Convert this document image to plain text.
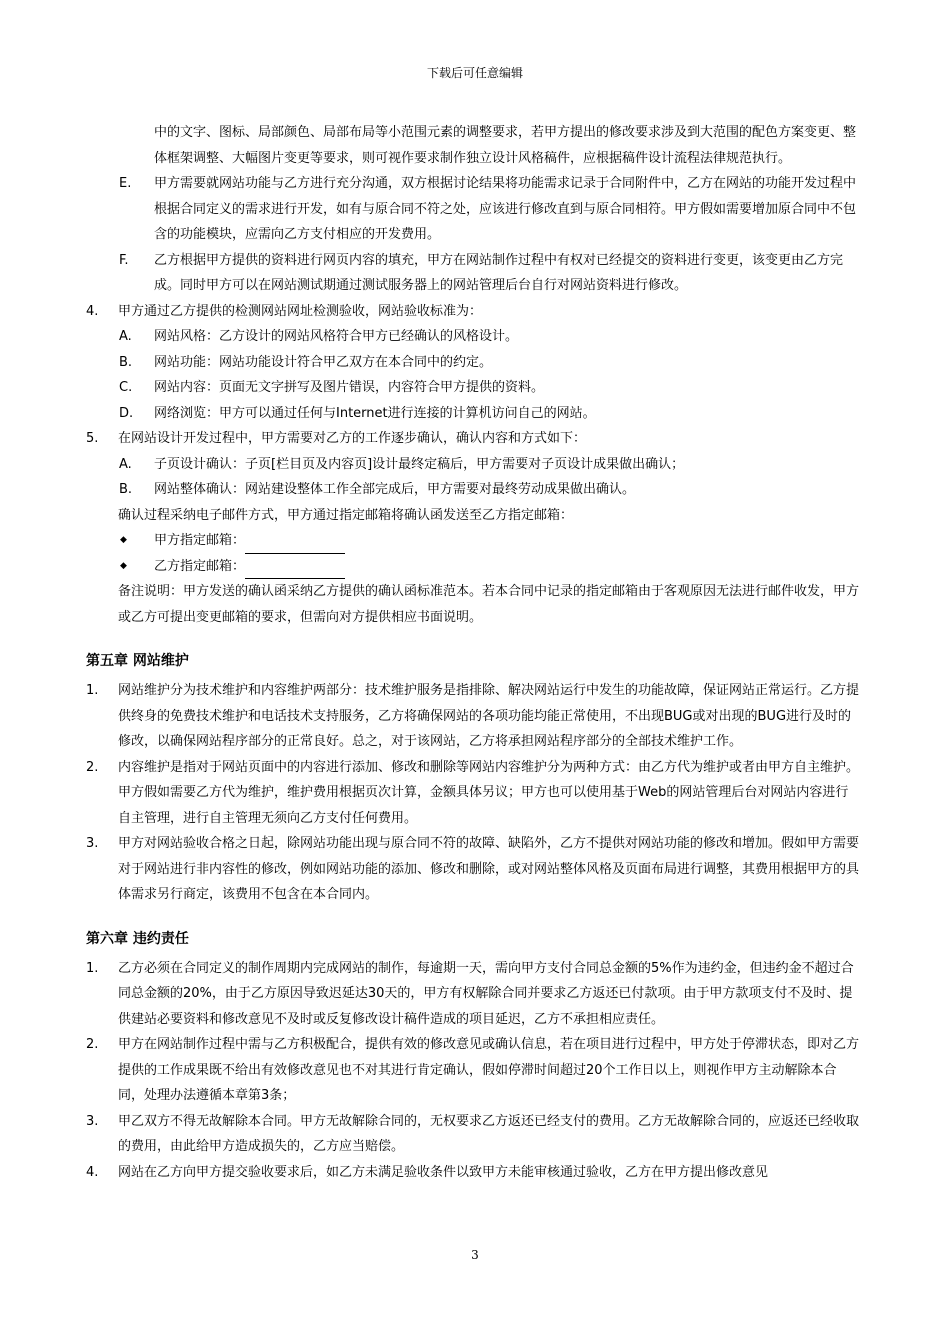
下载后可任意编辑
中的文字、图标、局部颜色、局部布局等小范围元素的调整要求，若甲方提出的修改要求涉及到大范围的配色方案变更、整体框架调整、大幅图片变更等要求，则可视作要求制作独立设计风格稿件，应根据稿件设计流程法律规范执行。
E. 甲方需要就网站功能与乙方进行充分沟通，双方根据讨论结果将功能需求记录于合同附件中，乙方在网站的功能开发过程中根据合同定义的需求进行开发，如有与原合同不符之处，应该进行修改直到与原合同相符。甲方假如需要增加原合同中不包含的功能模块，应需向乙方支付相应的开发费用。
F. 乙方根据甲方提供的资料进行网页内容的填充，甲方在网站制作过程中有权对已经提交的资料进行变更，该变更由乙方完成。同时甲方可以在网站测试期通过测试服务器上的网站管理后台自行对网站资料进行修改。
4. 甲方通过乙方提供的检测网站网址检测验收，网站验收标准为：
A. 网站风格：乙方设计的网站风格符合甲方已经确认的风格设计。
B. 网站功能：网站功能设计符合甲乙双方在本合同中的约定。
C. 网站内容：页面无文字拼写及图片错误，内容符合甲方提供的资料。
D. 网络浏览：甲方可以通过任何与Internet进行连接的计算机访问自己的网站。
5. 在网站设计开发过程中，甲方需要对乙方的工作逐步确认，确认内容和方式如下：
A. 子页设计确认：子页[栏目页及内容页]设计最终定稿后，甲方需要对子页设计成果做出确认；
B. 网站整体确认：网站建设整体工作全部完成后，甲方需要对最终劳动成果做出确认。
确认过程采纳电子邮件方式，甲方通过指定邮箱将确认函发送至乙方指定邮箱：
◆ 甲方指定邮箱：
◆ 乙方指定邮箱：
备注说明：甲方发送的确认函采纳乙方提供的确认函标准范本。若本合同中记录的指定邮箱由于客观原因无法进行邮件收发，甲方或乙方可提出变更邮箱的要求，但需向对方提供相应书面说明。
第五章 网站维护
1. 网站维护分为技术维护和内容维护两部分：技术维护服务是指排除、解决网站运行中发生的功能故障，保证网站正常运行。乙方提供终身的免费技术维护和电话技术支持服务，乙方将确保网站的各项功能均能正常使用，不出现BUG或对出现的BUG进行及时的修改，以确保网站程序部分的正常良好。总之，对于该网站，乙方将承担网站程序部分的全部技术维护工作。
2. 内容维护是指对于网站页面中的内容进行添加、修改和删除等网站内容维护分为两种方式：由乙方代为维护或者由甲方自主维护。甲方假如需要乙方代为维护，维护费用根据页次计算，金额具体另议；甲方也可以使用基于Web的网站管理后台对网站内容进行自主管理，进行自主管理无须向乙方支付任何费用。
3. 甲方对网站验收合格之日起，除网站功能出现与原合同不符的故障、缺陷外，乙方不提供对网站功能的修改和增加。假如甲方需要对于网站进行非内容性的修改，例如网站功能的添加、修改和删除，或对网站整体风格及页面布局进行调整，其费用根据甲方的具体需求另行商定，该费用不包含在本合同内。
第六章 违约责任
1. 乙方必须在合同定义的制作周期内完成网站的制作，每逾期一天，需向甲方支付合同总金额的5%作为违约金，但违约金不超过合同总金额的20%，由于乙方原因导致迟延达30天的，甲方有权解除合同并要求乙方返还已付款项。由于甲方款项支付不及时、提供建站必要资料和修改意见不及时或反复修改设计稿件造成的项目延迟，乙方不承担相应责任。
2. 甲方在网站制作过程中需与乙方积极配合，提供有效的修改意见或确认信息，若在项目进行过程中，甲方处于停滞状态，即对乙方提供的工作成果既不给出有效修改意见也不对其进行肯定确认，假如停滞时间超过20个工作日以上，则视作甲方主动解除本合同，处理办法遵循本章第3条；
3. 甲乙双方不得无故解除本合同。甲方无故解除合同的，无权要求乙方返还已经支付的费用。乙方无故解除合同的，应返还已经收取的费用，由此给甲方造成损失的，乙方应当赔偿。
4. 网站在乙方向甲方提交验收要求后，如乙方未满足验收条件以致甲方未能审核通过验收，乙方在甲方提出修改意见
3
